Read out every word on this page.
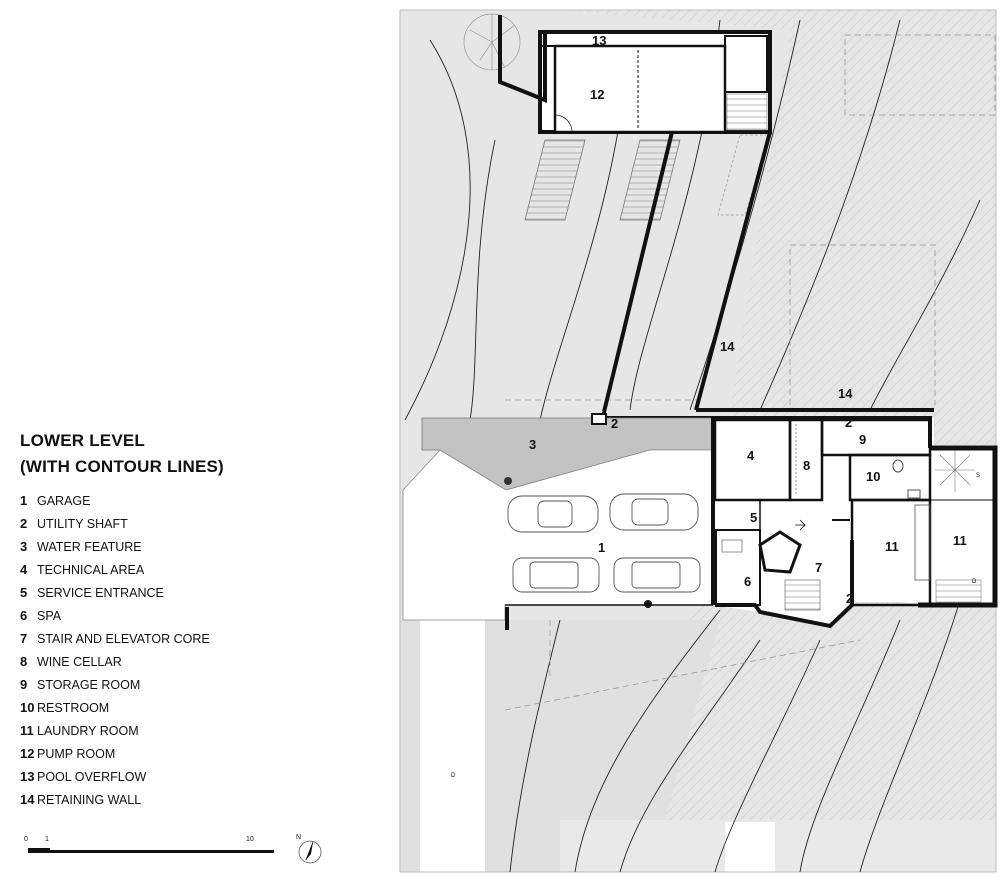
1
2	2
2
3
4
5
6
7
8
9
10
11	11
12
13
14
14
D
D
S
LOWER LEVEL
(WITH CONTOUR LINES)
1 GARAGE
2 UTILITY SHAFT
3 WATER FEATURE
4 TECHNICAL AREA
5 SERVICE ENTRANCE
6 SPA
7 STAIR AND ELEVATOR CORE
8 WINE CELLAR
9 STORAGE ROOM
10 RESTROOM
11 LAUNDRY ROOM
12 PUMP ROOM
13 POOL OVERFLOW
14 RETAINING WALL
0 1	10	N
